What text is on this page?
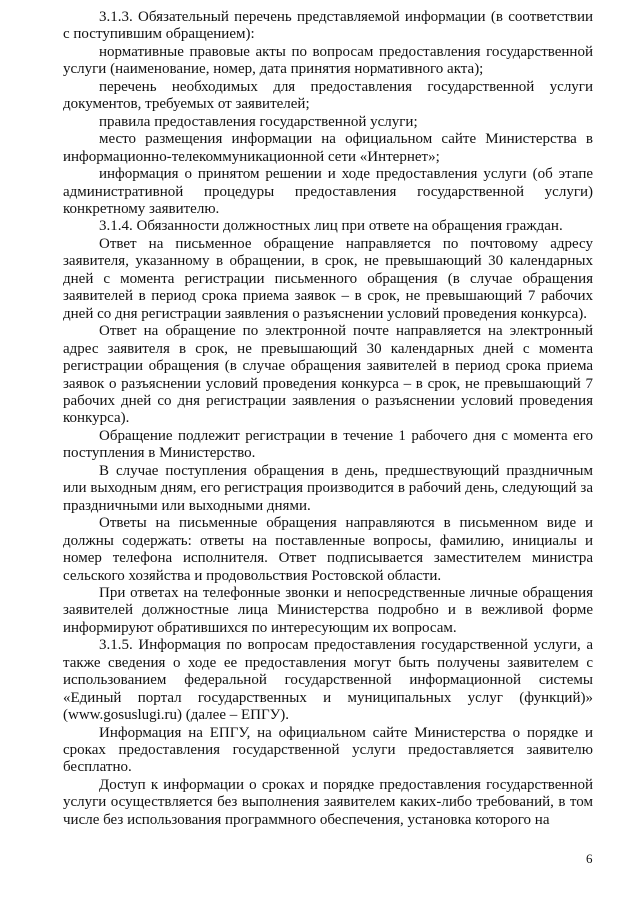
3.1.3. Обязательный перечень представляемой информации (в соответствии с поступившим обращением):

нормативные правовые акты по вопросам предоставления государственной услуги (наименование, номер, дата принятия нормативного акта);

перечень необходимых для предоставления государственной услуги документов, требуемых от заявителей;

правила предоставления государственной услуги;

место размещения информации на официальном сайте Министерства в информационно-телекоммуникационной сети «Интернет»;

информация о принятом решении и ходе предоставления услуги (об этапе административной процедуры предоставления государственной услуги) конкретному заявителю.

3.1.4. Обязанности должностных лиц при ответе на обращения граждан.

Ответ на письменное обращение направляется по почтовому адресу заявителя, указанному в обращении, в срок, не превышающий 30 календарных дней с момента регистрации письменного обращения (в случае обращения заявителей в период срока приема заявок – в срок, не превышающий 7 рабочих дней со дня регистрации заявления о разъяснении условий проведения конкурса).

Ответ на обращение по электронной почте направляется на электронный адрес заявителя в срок, не превышающий 30 календарных дней с момента регистрации обращения (в случае обращения заявителей в период срока приема заявок о разъяснении условий проведения конкурса – в срок, не превышающий 7 рабочих дней со дня регистрации заявления о разъяснении условий проведения конкурса).

Обращение подлежит регистрации в течение 1 рабочего дня с момента его поступления в Министерство.

В случае поступления обращения в день, предшествующий праздничным или выходным дням, его регистрация производится в рабочий день, следующий за праздничными или выходными днями.

Ответы на письменные обращения направляются в письменном виде и должны содержать: ответы на поставленные вопросы, фамилию, инициалы и номер телефона исполнителя. Ответ подписывается заместителем министра сельского хозяйства и продовольствия Ростовской области.

При ответах на телефонные звонки и непосредственные личные обращения заявителей должностные лица Министерства подробно и в вежливой форме информируют обратившихся по интересующим их вопросам.

3.1.5. Информация по вопросам предоставления государственной услуги, а также сведения о ходе ее предоставления могут быть получены заявителем с использованием федеральной государственной информационной системы «Единый портал государственных и муниципальных услуг (функций)» (www.gosuslugi.ru) (далее – ЕПГУ).

Информация на ЕПГУ, на официальном сайте Министерства о порядке и сроках предоставления государственной услуги предоставляется заявителю бесплатно.

Доступ к информации о сроках и порядке предоставления государственной услуги осуществляется без выполнения заявителем каких-либо требований, в том числе без использования программного обеспечения, установка которого на

6
